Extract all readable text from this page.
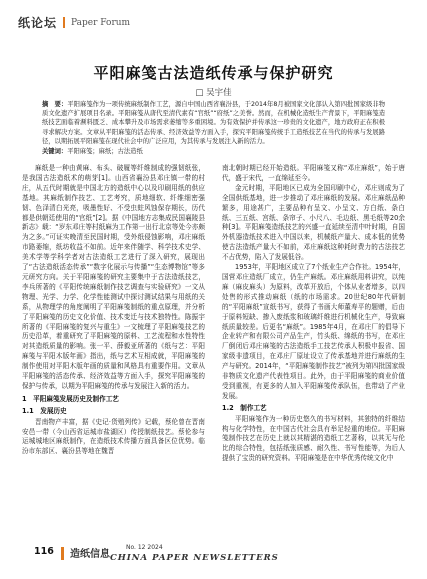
纸论坛 Paper Forum
平阳麻笺古法造纸传承与保护研究
□ 吴宇佳
摘　要：平阳麻笺作为一项传统麻纸制作工艺，源自中国山西省襄汾县，于2014年8月被国家文化部认入第四批国家级非物质文化遗产扩展项目名录。平阳麻笺从唐代至清代素有“官纸”“府纸”之美誉。然而，在机械化造纸生产背景下，平阳麻笺造纸技艺面临着濒料匮乏、成本攀升及市场需求萎缩等多重困境。为有效保护并传承这一珍贵的文化遗产，地方政府正在积极寻求解决方案。文章从平阳麻笺的活态传承、经济效益等方面入手，探究平阳麻笺传统手工造纸技艺在当代的传承与发展路径，以期拓展平阳麻笺在现代社会中的广泛应用，为其传承与发展注入新的活力。
关键词：平阳麻笺；麻纸；古法造纸

麻纸是一种由黄麻、布头、破履等纤维制成的强韧纸张，是我国古法造纸术的萌芽[1]。山西省襄汾县邓庄镇一带的村庄，从五代时期就是中国北方的造纸中心以及印刷用纸的供应基地。其麻纸制作技艺、工艺考究，质地细软、纤维细密强韧、色泽清白光亮，吸墨性好、不受虫蛀风蚀保存期长，历代都是供朝廷使用的“官纸”[2]。据《中国地方志集成民国襄陵县新志》载：“岁东邓庄等村纸麻为工作第一出行北京等处今亦颇为之多。”可证实晚清至民国时期，受外纸侵蚀影响，邓庄麻纸市路萎缩，纸坊收益不如前。近年来伴随学、科学技术史学、美术学等学科学者对古法造纸工艺进行了深入研究，展现出了“古法造纸活态传承”“数字化展示与传播”“生态博物馆”等多元研究方向。关于平阳麻笺的研究主要集中于古法造纸技艺，李兵所著的《平阳传统麻纸制作技艺调查与实验研究》一文从物理、光学、力学、化学性能测试中探讨测试结果与用纸的关系，从物理学的角度阐明了平阳麻笺制纸的重点原理，并分析了平阳麻笺的历史文化价值、技术变迁与技术独特性。陈振宇所著的《平阳麻笺的复兴与重生》一文梳理了平阳麻笺技艺的历史沿革，着重研究了平阳麻笺的原料、工艺流程和水性特性对其造纸质量的影响。张一平、薛毅亚所著的《纸与艺：平阳麻笺与平阳木版年画》指出，纸与艺术互相成就，平阳麻笺的制作使用对平阳木版年画的质量和风格具有重要作用。文章从平阳麻笺的活态传承、经济效益等方面入手，探究平阳麻笺的保护与传承，以期为平阳麻笺的传承与发展注入新的活力。

1　平阳麻笺发展历史及制作工艺

1.1　发展历史

晋南物产丰富，据《史记·货殖列传》记载，蔡伦曾在晋南安邑一带（今山西省运城市盐湖区）传授制纸技艺。蔡伦参与运城城地区麻纸制作，在造纸技术传播方面具备区位优势。临汾市东部区、襄汾县等地在魏晋

南北朝时期已经开始造纸。平阳麻笺又称“邓庄麻纸”，始于唐代，盛于宋代，一直绵延至今。

金元时期，平阳地区已成为全国印刷中心，邓庄则成为了全国供纸基地，进一步推动了邓庄麻纸的发展。邓庄麻纸品种繁多，用途甚广，主要品种有呈文、小呈文、方白纸、条白纸、三五纸、宫纸、条帘子、小尺八、毛边纸、黑毛纸等20余种[3]。平阳麻笺造纸技艺的兴盛一直延续至清中叶时期，自国外机器造纸技术进入中国以来，机械纸产量大、成本低的优势使古法造纸产量大不如前，邓庄麻纸这种耗时费力的古法技艺不占优势，陷入了发展低谷。

1953年，平阳地区成立了7个纸业生产合作社。1954年，国营邓庄造纸厂成立，仍生产麻纸。邓庄麻纸用料讲究，以纯麻（麻皮麻头）为原料，改革开放后，个体从业者增多，以四处售的形式推动麻纸（纸的市场需求。20世纪80年代研制的“平阳麻纸”宣纸书写，获得了书画大师董寿平的题赠，后由于原料短缺、掺入废纸浆和玻璃纤维进行机械化生产，导致麻纸质量较差。后更名“麻纸”。1985年4月，在邓庄厂的倡导下企业转产和有限公司产品生产，竹头纸、绵纸的书写，在邓庄厂倒闭后邓庄麻笺的古法造纸手工技艺传承人积极申报省、国家级非遗项目，在邓庄厂原址设立了传承基地并进行麻纸的生产与研究。2014年，“平阳麻笺制作技艺”被列为第四批国家级非物质文化遗产代表性项目。此外，由于平阳麻笺的商业价值受到重视，有更多的人加入平阳麻笺传承队伍，也带动了产业发展。

1.2　制作工艺

平阳麻笺作为一种历史悠久的书写材料，其独特的纤维结构与化学特性，在中国古代社会具有举足轻重的地位。平阳麻笺制作技艺在历史上就以其精湛的造纸工艺著称，以其无与伦比的综合特性，包括纸张质感、耐久性、书写性能等，为后人提供了宝贵的研究资料。平阳麻笺是在中华优秀传统文化中

116 造纸信息
No. 12 2024
CHINA PAPER NEWSLETTERS
